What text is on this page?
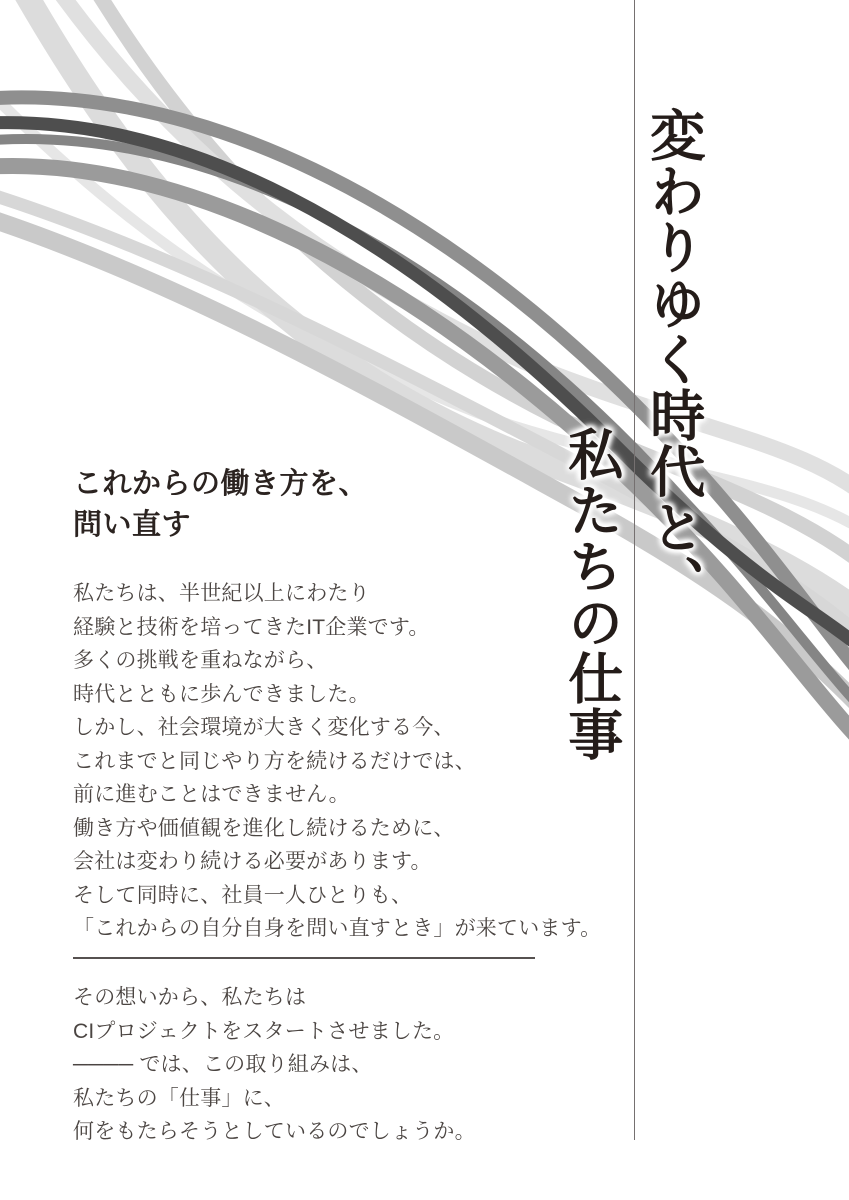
変わりゆく時代と、
私たちの仕事
これからの働き方を、
問い直す

私たちは、半世紀以上にわたり

経験と技術を培ってきたIT企業です。

多くの挑戦を重ねながら、

時代とともに歩んできました。

しかし、社会環境が大きく変化する今、

これまでと同じやり方を続けるだけでは、

前に進むことはできません。

働き方や価値観を進化し続けるために、

会社は変わり続ける必要があります。

そして同時に、社員一人ひとりも、

「これからの自分自身を問い直すとき」が来ています。

その想いから、私たちは

CIプロジェクトをスタートさせました。

──── では、この取り組みは、

私たちの「仕事」に、

何をもたらそうとしているのでしょうか。
